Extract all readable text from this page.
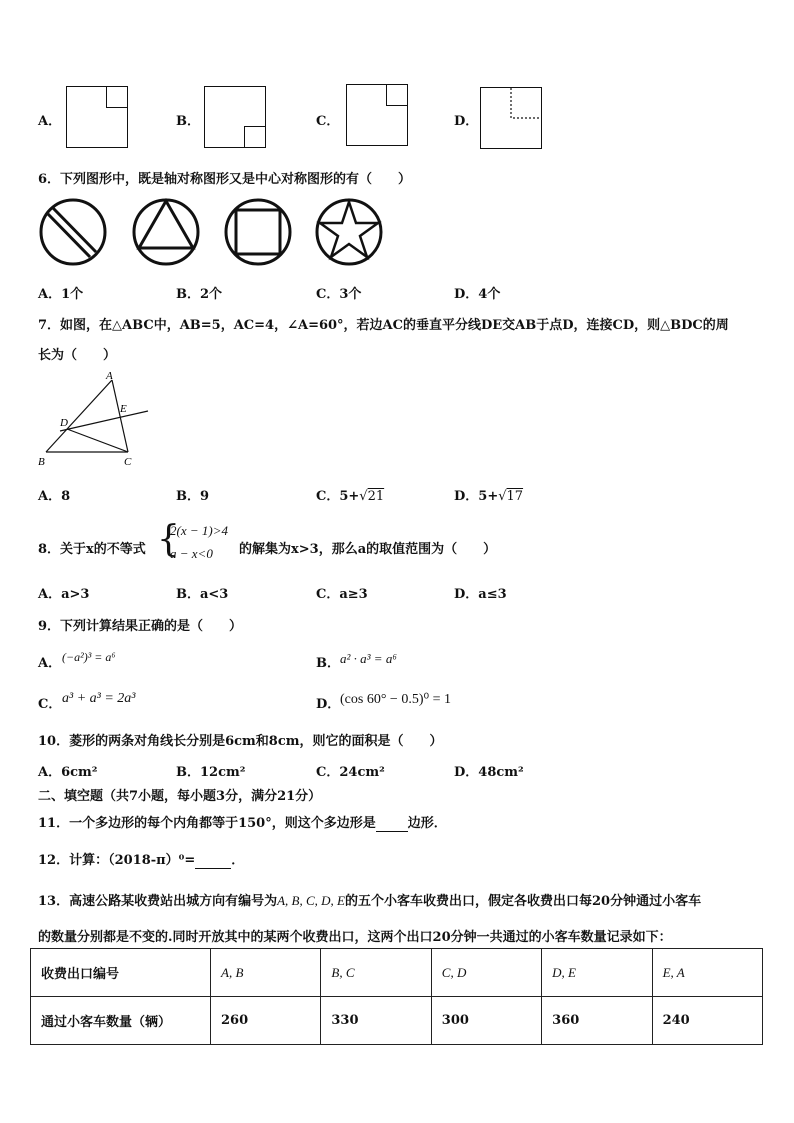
A．	B．	C．	D．
6．下列图形中，既是轴对称图形又是中心对称图形的有（　　）
A．1个	B．2个	C．3个	D．4个
7．如图，在△ABC中，AB=5，AC=4，∠A=60°，若边AC的垂直平分线DE交AB于点D，连接CD，则△BDC的周
长为（　　）
A
B	C
D
E
A．8	B．9	C．5+√21	D．5+√17
8．关于x的不等式 {
2(x − 1)>4
a − x<0 的解集为x>3，那么a的取值范围为（　　）
A．a>3	B．a<3	C．a≥3	D．a≤3
9．下列计算结果正确的是（　　）
A． (−a²)³ = a⁶	B． a² · a³ = a⁶
C． a³ + a³ = 2a³	D． (cos 60° − 0.5)⁰ = 1
10．菱形的两条对角线长分别是6cm和8cm，则它的面积是（　　）
A．6cm²	B．12cm²	C．24cm²	D．48cm²
二、填空题（共7小题，每小题3分，满分21分）
11．一个多边形的每个内角都等于150°，则这个多边形是 边形．
12．计算：（2018-π）⁰=	．
13．高速公路某收费站出城方向有编号为A, B, C, D, E的五个小客车收费出口，假定各收费出口每20分钟通过小客车
的数量分别都是不变的.同时开放其中的某两个收费出口，这两个出口20分钟一共通过的小客车数量记录如下：
收费出口编号	A, B	B, C	C, D	D, E	E, A
通过小客车数量（辆）	260	330	300	360	240
